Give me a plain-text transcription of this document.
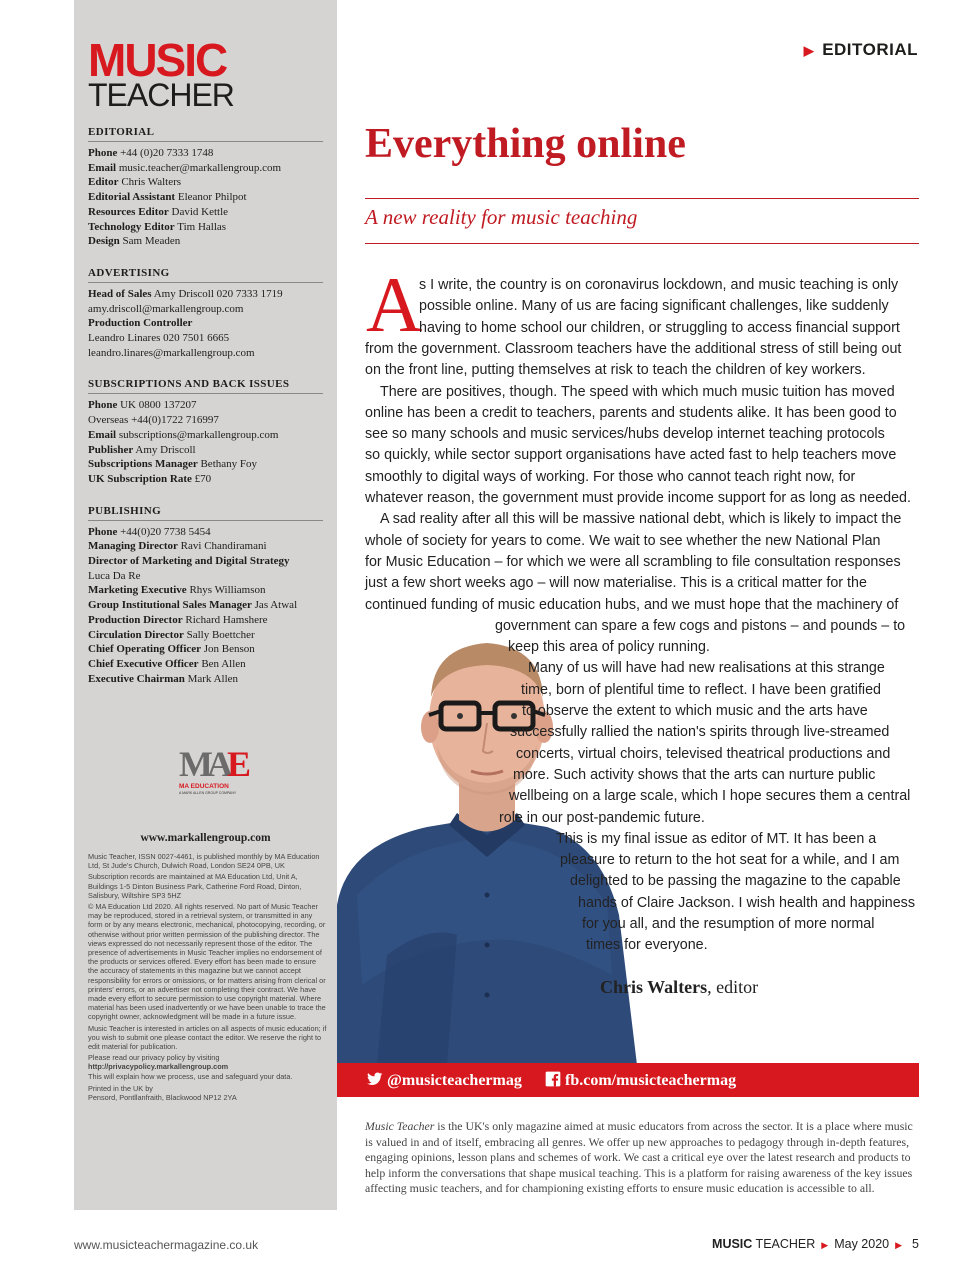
MUSIC
TEACHER
EDITORIAL
Phone +44 (0)20 7333 1748
Email music.teacher@markallengroup.com
Editor Chris Walters
Editorial Assistant Eleanor Philpot
Resources Editor David Kettle
Technology Editor Tim Hallas
Design Sam Meaden
ADVERTISING
Head of Sales Amy Driscoll 020 7333 1719
amy.driscoll@markallengroup.com
Production Controller
Leandro Linares 020 7501 6665
leandro.linares@markallengroup.com
SUBSCRIPTIONS AND BACK ISSUES
Phone UK 0800 137207
Overseas +44(0)1722 716997
Email subscriptions@markallengroup.com
Publisher Amy Driscoll
Subscriptions Manager Bethany Foy
UK Subscription Rate £70
PUBLISHING
Phone +44(0)20 7738 5454
Managing Director Ravi Chandiramani
Director of Marketing and Digital Strategy
Luca Da Re
Marketing Executive Rhys Williamson
Group Institutional Sales Manager Jas Atwal
Production Director Richard Hamshere
Circulation Director Sally Boettcher
Chief Operating Officer Jon Benson
Chief Executive Officer Ben Allen
Executive Chairman Mark Allen
MAE
MA EDUCATION
A MARK ALLEN GROUP COMPANY
www.markallengroup.com

Music Teacher, ISSN 0027-4461, is published monthly by MA Education Ltd, St Jude's Church, Dulwich Road, London SE24 0PB, UK

Subscription records are maintained at MA Education Ltd, Unit A, Buildings 1-5 Dinton Business Park, Catherine Ford Road, Dinton, Salisbury, Wiltshire SP3 5HZ

© MA Education Ltd 2020. All rights reserved. No part of Music Teacher may be reproduced, stored in a retrieval system, or transmitted in any form or by any means electronic, mechanical, photocopying, recording, or otherwise without prior written permission of the publishing director. The views expressed do not necessarily represent those of the editor. The presence of advertisements in Music Teacher implies no endorsement of the products or services offered. Every effort has been made to ensure the accuracy of statements in this magazine but we cannot accept responsibility for errors or omissions, or for matters arising from clerical or printers' errors, or an advertiser not completing their contract. We have made every effort to secure permission to use copyright material. Where material has been used inadvertently or we have been unable to trace the copyright owner, acknowledgment will be made in a future issue.

Music Teacher is interested in articles on all aspects of music education; if you wish to submit one please contact the editor. We reserve the right to edit material for publication.

Please read our privacy policy by visiting

http://privacypolicy.markallengroup.com

This will explain how we process, use and safeguard your data.

Printed in the UK by

Pensord, Pontllanfraith, Blackwood NP12 2YA

▶ EDITORIAL
Everything online
A new reality for music teaching
A
s I write, the country is on coronavirus lockdown, and music teaching is only
possible online. Many of us are facing significant challenges, like suddenly
having to home school our children, or struggling to access financial support
from the government. Classroom teachers have the additional stress of still being out
on the front line, putting themselves at risk to teach the children of key workers.
There are positives, though. The speed with which much music tuition has moved
online has been a credit to teachers, parents and students alike. It has been good to
see so many schools and music services/hubs develop internet teaching protocols
so quickly, while sector support organisations have acted fast to help teachers move
smoothly to digital ways of working. For those who cannot teach right now, for
whatever reason, the government must provide income support for as long as needed.
A sad reality after all this will be massive national debt, which is likely to impact the
whole of society for years to come. We wait to see whether the new National Plan
for Music Education – for which we were all scrambling to file consultation responses
just a few short weeks ago – will now materialise. This is a critical matter for the
continued funding of music education hubs, and we must hope that the machinery of
government can spare a few cogs and pistons – and pounds – to
keep this area of policy running.
Many of us will have had new realisations at this strange
time, born of plentiful time to reflect. I have been gratified
to observe the extent to which music and the arts have
successfully rallied the nation's spirits through live-streamed
concerts, virtual choirs, televised theatrical productions and
more. Such activity shows that the arts can nurture public
wellbeing on a large scale, which I hope secures them a central
role in our post-pandemic future.
This is my final issue as editor of MT. It has been a
pleasure to return to the hot seat for a while, and I am
delighted to be passing the magazine to the capable
hands of Claire Jackson. I wish health and happiness
for you all, and the resumption of more normal
times for everyone.
Chris Walters, editor
@musicteachermag	fb.com/musicteachermag
Music Teacher is the UK's only magazine aimed at music educators from across the sector. It is a place where music is valued in and of itself, embracing all genres. We offer up new approaches to pedagogy through in-depth features, engaging opinions, lesson plans and schemes of work. We cast a critical eye over the latest research and products to help inform the conversations that shape musical teaching. This is a platform for raising awareness of the key issues affecting music teachers, and for championing existing efforts to ensure music education is accessible to all.
www.musicteachermagazine.co.uk	MUSIC TEACHER ▶ May 2020 ▶ 5
